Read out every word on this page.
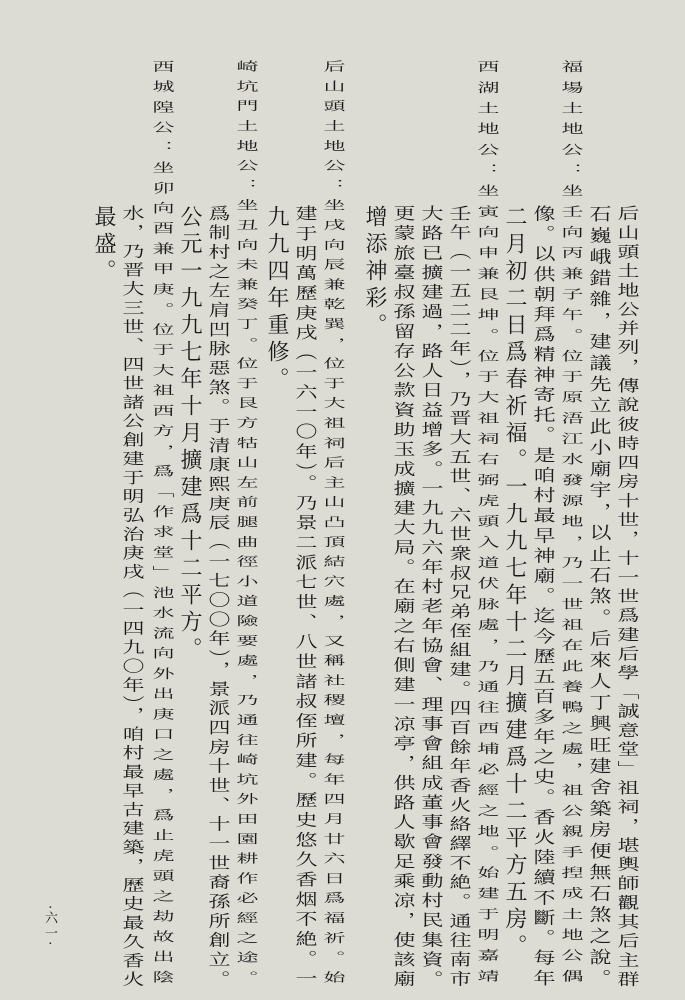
后山頭土地公并列，傳說彼時四房十世，十一世爲建后學「誠意堂」祖祠，堪輿師觀其后主群
石巍峨錯雜，建議先立此小廟宇，以止石煞。后來人丁興旺建舍築房便無石煞之說。
福場土地公：坐壬向丙兼子午。位于原浯江水發源地，乃一世祖在此養鴨之處，祖公親手揑成土地公偶
像。以供朝拜爲精神寄托。是咱村最早神廟。迄今歷五百多年之史。香火陸續不斷。每年
二月初二日爲春祈福。一九九七年十二月擴建爲十二平方五房。
西湖土地公：坐寅向申兼艮坤。位于大祖祠右弼虎頭入道伏脉處，乃通往西埔必經之地。始建于明嘉靖
壬午（一五二二年），乃晋大五世、六世衆叔兄弟侄組建。四百餘年香火絡繹不絶。通往南市
大路已擴建過，路人日益增多。一九九六年村老年協會、理事會組成董事會發動村民集資。
更蒙旅臺叔孫留存公款資助玉成擴建大局。在廟之右側建一凉亭，供路人歇足乘凉，使該廟
增添神彩。
后山頭土地公：坐戌向辰兼乾巽，位于大祖祠后主山凸頂結穴處，又稱社稷壇，每年四月廿六日爲福祈。始
建于明萬歷庚戌（一六一〇年）。乃景二派七世、八世諸叔侄所建。歷史悠久香烟不絶。一
九九四年重修。
崎坑門土地公：坐丑向未兼癸丁。位于艮方牯山左前腿曲徑小道險要處，乃通往崎坑外田園耕作必經之途。
爲制村之左肩凹脉惡煞。于清康熙庚辰（一七〇〇年），景派四房十世、十一世裔孫所創立。
公元一九九七年十月擴建爲十二平方。
西城隍公：坐卯向酉兼甲庚。位于大祖西方，爲「作求堂」池水流向外出庚口之處，爲止虎頭之劫故出陰
水，乃晋大三世、四世諸公創建于明弘治庚戌（一四九〇年），咱村最早古建築，歷史最久香火
最盛。
·六一·
